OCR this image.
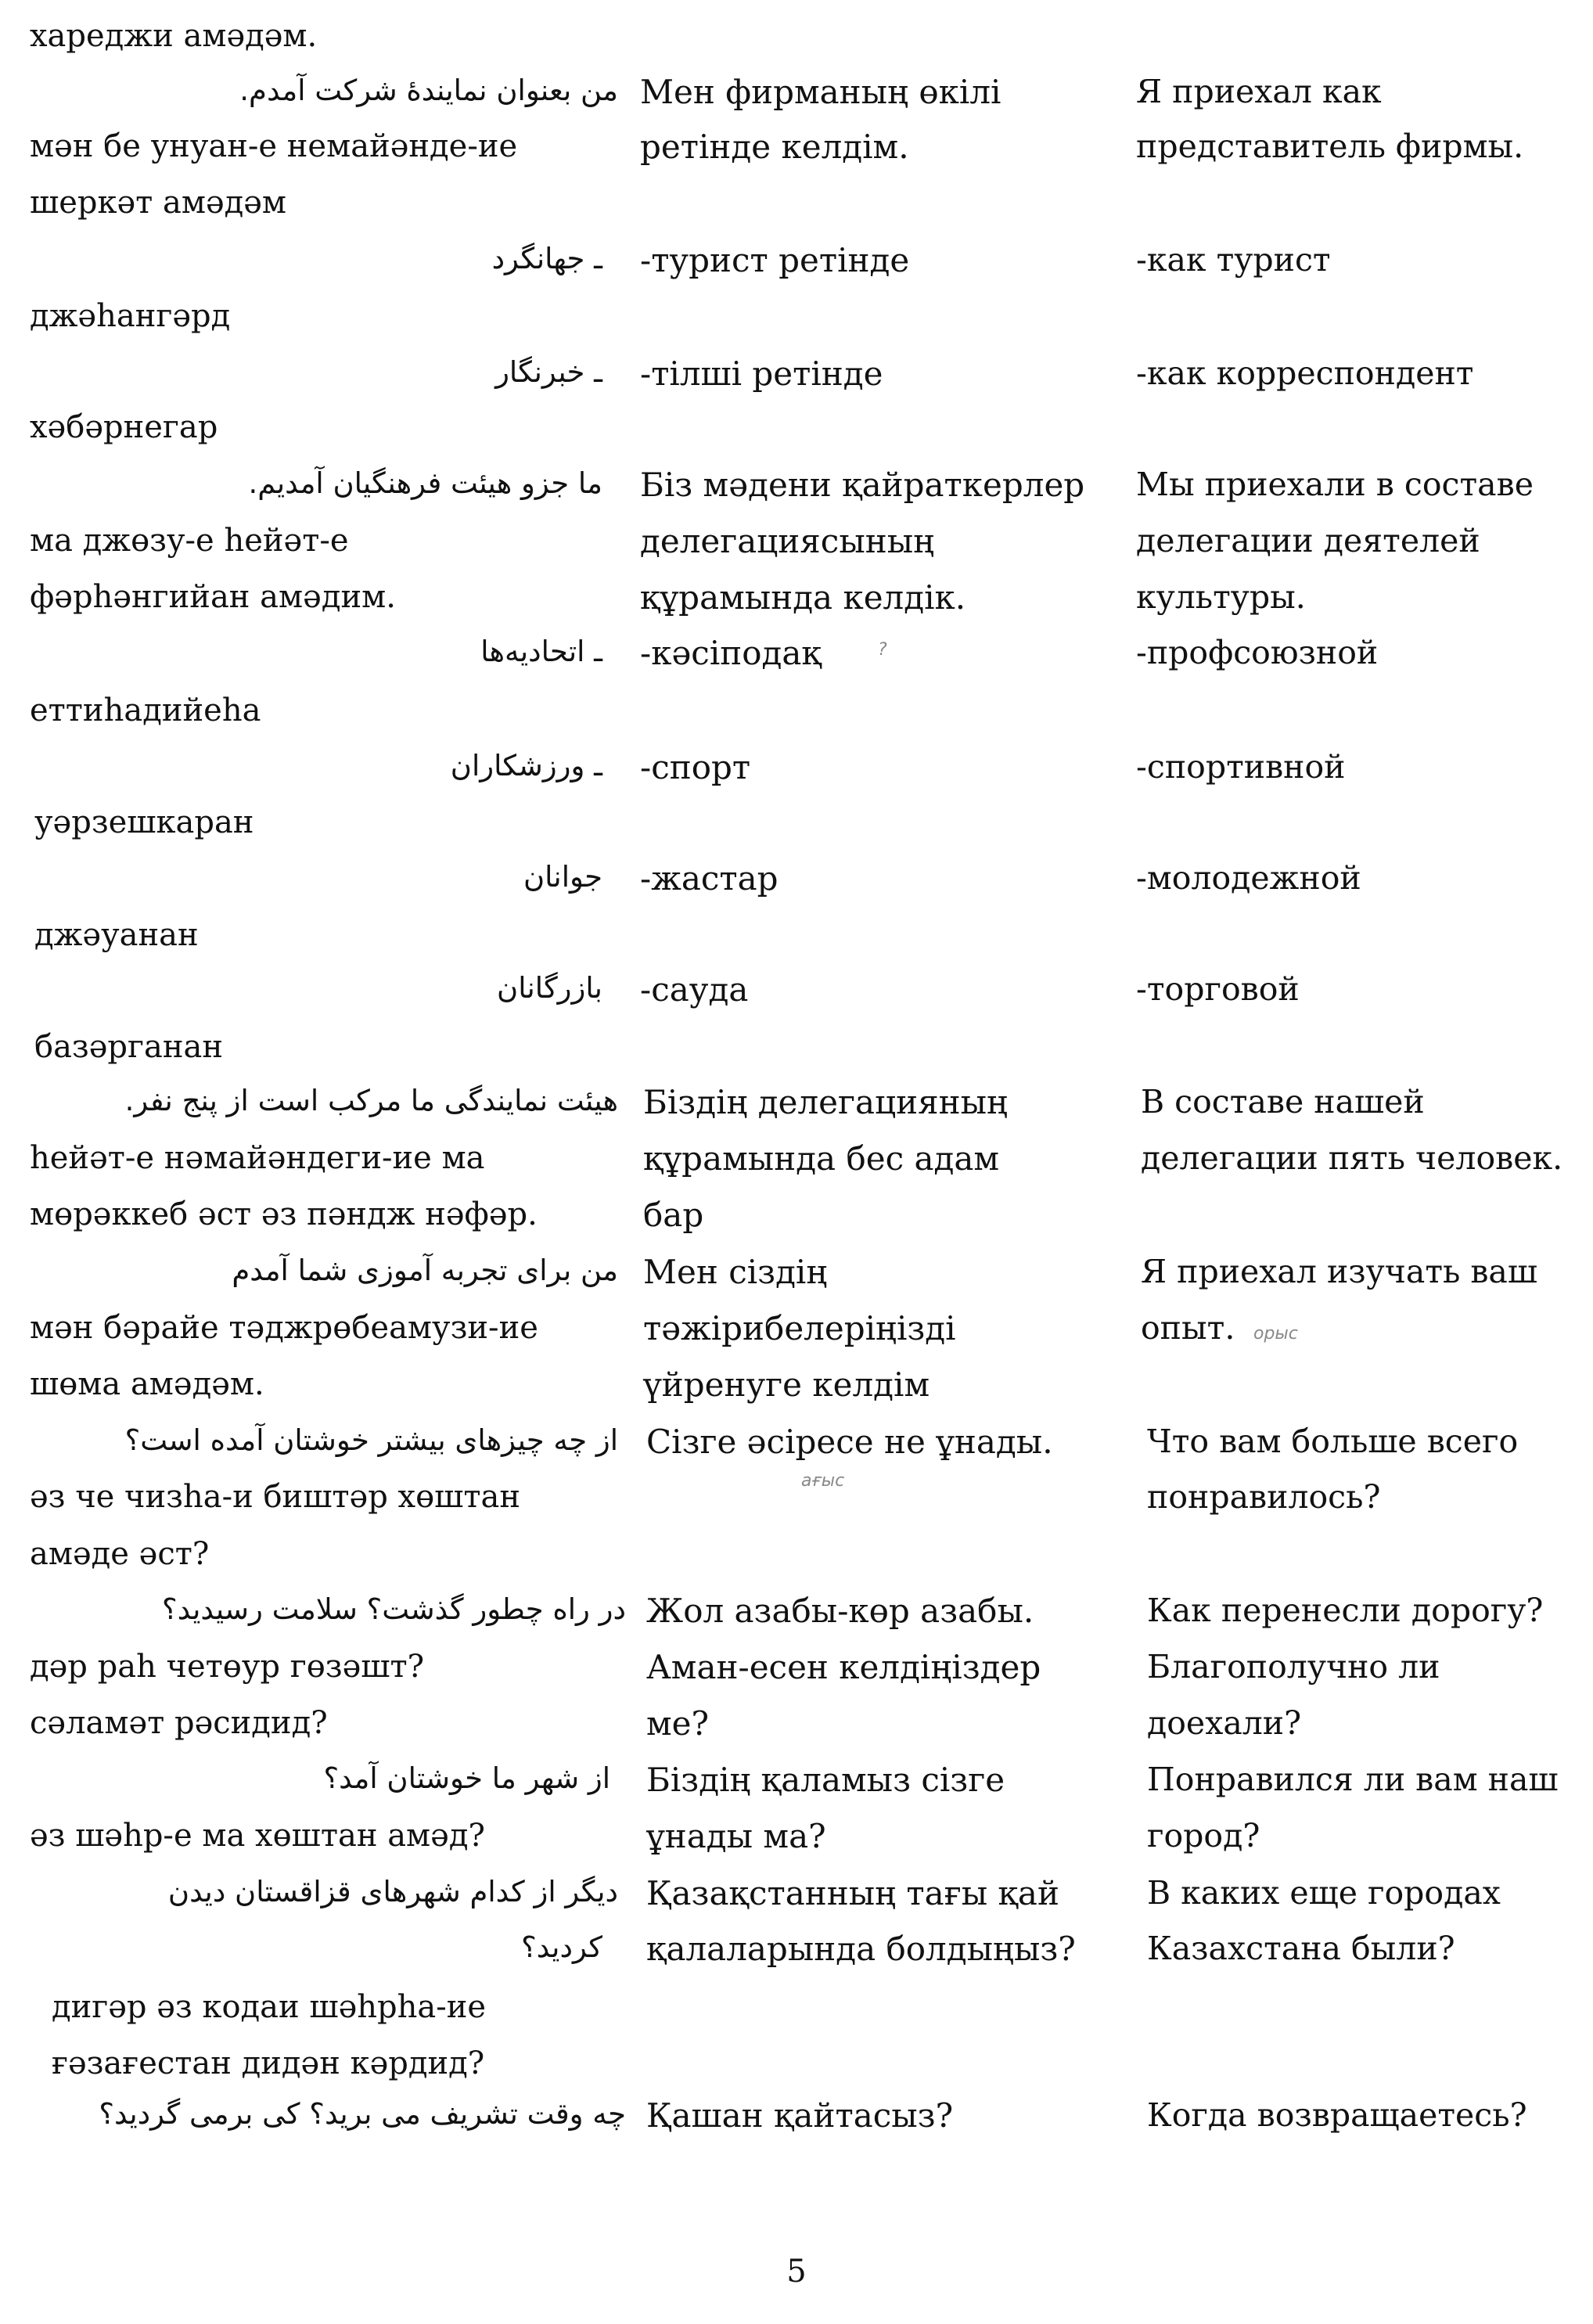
من بعنوان نمایندهٔ شرکت آمدم.
ـ جهانگرد
ـ خبرنگار
ما جزو هیئت فرهنگیان آمدیم.
ـ اتحادیه‌ها
ـ ورزشکاران
جوانان
بازرگانان
هیئت نمایندگی ما مرکب است از پنج نفر.
من برای تجربه آموزی شما آمدم
از چه چیزهای بیشتر خوشتان آمده است؟
در راه چطور گذشت؟ سلامت رسیدید؟
از شهر ما خوشتان آمد؟
دیگر از کدام شهرهای قزاقستان دیدن
کردید؟
چه وقت تشریف می برید؟ کی برمی گردید؟
хареджи амәдәм.
мән бе унуан-е немайәнде-ие
шеркәт амәдәм
джәһангәрд
хәбәрнегар
ма джөзу-е һейәт-е
фәрһәнгийан амәдим.
еттиһадийеһа
уәрзешкаран
джәуанан
базәрганан
һейәт-е нәмайәндеги-ие ма
мөрәккеб әст әз пәндж нәфәр.
мән бәрайе тәджрөбеамузи-ие
шөма амәдәм.
әз че чизһа-и биштәр хөштан
амәде әст?
дәр раһ четөур гөзәшт?
сәламәт рәсидид?
әз шәһр-е ма хөштан амәд?
дигәр әз кодаи шәһрһа-ие
ғәзағестан дидән кәрдид?
Мен фирманың өкілі
ретінде келдім.
-турист ретінде
-тілші ретінде
Біз мәдени қайраткерлер
делегациясының
құрамында келдік.
-кәсіподақ
-спорт
-жастар
-сауда
Біздің делегацияның
құрамында бес адам
бар
Мен сіздің
тәжірибелеріңізді
үйренуге келдім
Сізге әсіресе не ұнады.
Жол азабы-көр азабы.
Аман-есен келдіңіздер
ме?
Біздің қаламыз сізге
ұнады ма?
Қазақстанның тағы қай
қалаларында болдыңыз?
Қашан қайтасыз?
Я приехал как
представитель фирмы.
-как турист
-как корреспондент
Мы приехали в составе
делегации деятелей
культуры.
-профсоюзной
-спортивной
-молодежной
-торговой
В составе нашей
делегации пять человек.
Я приехал изучать ваш
опыт.
Что вам больше всего
понравилось?
Как перенесли дорогу?
Благополучно ли
доехали?
Понравился ли вам наш
город?
В каких еще городах
Казахстана были?
Когда возвращаетесь?
?
ағыс
орыс
5
